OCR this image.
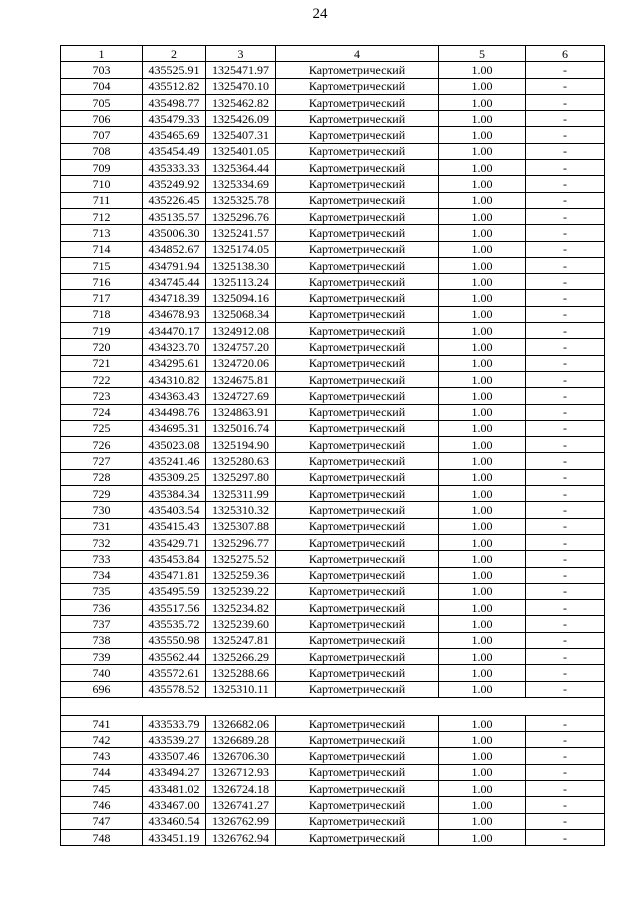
24
1	2	3	4	5	6
703	435525.91	1325471.97	Картометрический	1.00	-
704	435512.82	1325470.10	Картометрический	1.00	-
705	435498.77	1325462.82	Картометрический	1.00	-
706	435479.33	1325426.09	Картометрический	1.00	-
707	435465.69	1325407.31	Картометрический	1.00	-
708	435454.49	1325401.05	Картометрический	1.00	-
709	435333.33	1325364.44	Картометрический	1.00	-
710	435249.92	1325334.69	Картометрический	1.00	-
711	435226.45	1325325.78	Картометрический	1.00	-
712	435135.57	1325296.76	Картометрический	1.00	-
713	435006.30	1325241.57	Картометрический	1.00	-
714	434852.67	1325174.05	Картометрический	1.00	-
715	434791.94	1325138.30	Картометрический	1.00	-
716	434745.44	1325113.24	Картометрический	1.00	-
717	434718.39	1325094.16	Картометрический	1.00	-
718	434678.93	1325068.34	Картометрический	1.00	-
719	434470.17	1324912.08	Картометрический	1.00	-
720	434323.70	1324757.20	Картометрический	1.00	-
721	434295.61	1324720.06	Картометрический	1.00	-
722	434310.82	1324675.81	Картометрический	1.00	-
723	434363.43	1324727.69	Картометрический	1.00	-
724	434498.76	1324863.91	Картометрический	1.00	-
725	434695.31	1325016.74	Картометрический	1.00	-
726	435023.08	1325194.90	Картометрический	1.00	-
727	435241.46	1325280.63	Картометрический	1.00	-
728	435309.25	1325297.80	Картометрический	1.00	-
729	435384.34	1325311.99	Картометрический	1.00	-
730	435403.54	1325310.32	Картометрический	1.00	-
731	435415.43	1325307.88	Картометрический	1.00	-
732	435429.71	1325296.77	Картометрический	1.00	-
733	435453.84	1325275.52	Картометрический	1.00	-
734	435471.81	1325259.36	Картометрический	1.00	-
735	435495.59	1325239.22	Картометрический	1.00	-
736	435517.56	1325234.82	Картометрический	1.00	-
737	435535.72	1325239.60	Картометрический	1.00	-
738	435550.98	1325247.81	Картометрический	1.00	-
739	435562.44	1325266.29	Картометрический	1.00	-
740	435572.61	1325288.66	Картометрический	1.00	-
696	435578.52	1325310.11	Картометрический	1.00	-

741	433533.79	1326682.06	Картометрический	1.00	-
742	433539.27	1326689.28	Картометрический	1.00	-
743	433507.46	1326706.30	Картометрический	1.00	-
744	433494.27	1326712.93	Картометрический	1.00	-
745	433481.02	1326724.18	Картометрический	1.00	-
746	433467.00	1326741.27	Картометрический	1.00	-
747	433460.54	1326762.99	Картометрический	1.00	-
748	433451.19	1326762.94	Картометрический	1.00	-
